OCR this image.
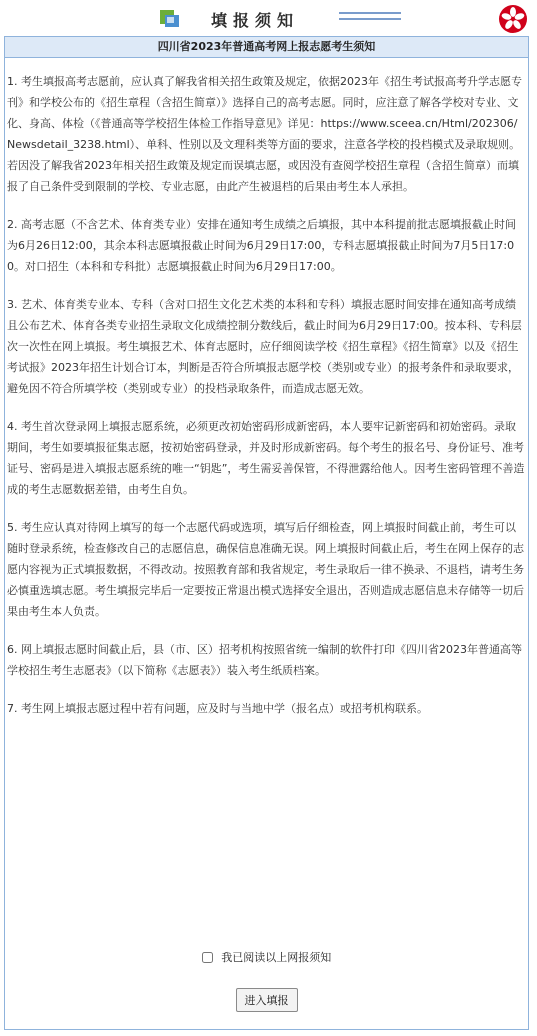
填报须知
四川省2023年普通高考网上报志愿考生须知

1. 考生填报高考志愿前，应认真了解我省相关招生政策及规定，依据2023年《招生考试报高考升学志愿专刊》和学校公布的《招生章程（含招生简章）》选择自己的高考志愿。同时，应注意了解各学校对专业、文化、身高、体检（《普通高等学校招生体检工作指导意见》详见：https://www.sceea.cn/Html/202306/Newsdetail_3238.html）、单科、性别以及文理科类等方面的要求，注意各学校的投档模式及录取规则。若因没了解我省2023年相关招生政策及规定而误填志愿，或因没有查阅学校招生章程（含招生简章）而填报了自己条件受到限制的学校、专业志愿，由此产生被退档的后果由考生本人承担。

2. 高考志愿（不含艺术、体育类专业）安排在通知考生成绩之后填报，其中本科提前批志愿填报截止时间为6月26日12:00，其余本科志愿填报截止时间为6月29日17:00，专科志愿填报截止时间为7月5日17:00。对口招生（本科和专科批）志愿填报截止时间为6月29日17:00。

3. 艺术、体育类专业本、专科（含对口招生文化艺术类的本科和专科）填报志愿时间安排在通知高考成绩且公布艺术、体育各类专业招生录取文化成绩控制分数线后，截止时间为6月29日17:00。按本科、专科层次一次性在网上填报。考生填报艺术、体育志愿时，应仔细阅读学校《招生章程》《招生简章》以及《招生考试报》2023年招生计划合订本，判断是否符合所填报志愿学校（类别或专业）的报考条件和录取要求，避免因不符合所填学校（类别或专业）的投档录取条件，而造成志愿无效。

4. 考生首次登录网上填报志愿系统，必须更改初始密码形成新密码，本人要牢记新密码和初始密码。录取期间，考生如要填报征集志愿，按初始密码登录，并及时形成新密码。每个考生的报名号、身份证号、准考证号、密码是进入填报志愿系统的唯一“钥匙”，考生需妥善保管，不得泄露给他人。因考生密码管理不善造成的考生志愿数据差错，由考生自负。

5. 考生应认真对待网上填写的每一个志愿代码或选项，填写后仔细检查，网上填报时间截止前，考生可以随时登录系统，检查修改自己的志愿信息，确保信息准确无误。网上填报时间截止后，考生在网上保存的志愿内容视为正式填报数据，不得改动。按照教育部和我省规定，考生录取后一律不换录、不退档，请考生务必慎重选填志愿。考生填报完毕后一定要按正常退出模式选择安全退出，否则造成志愿信息未存储等一切后果由考生本人负责。

6. 网上填报志愿时间截止后，县（市、区）招考机构按照省统一编制的软件打印《四川省2023年普通高等学校招生考生志愿表》（以下简称《志愿表》）装入考生纸质档案。

7. 考生网上填报志愿过程中若有问题，应及时与当地中学（报名点）或招考机构联系。

我已阅读以上网报须知
进入填报
